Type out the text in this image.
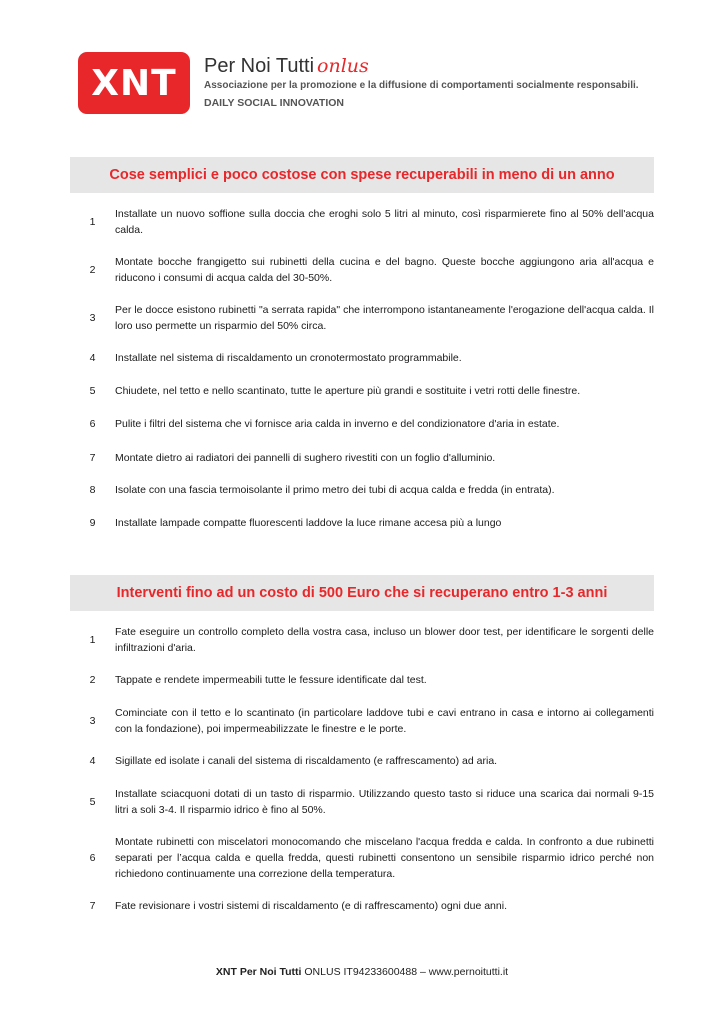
XNT	Per Noi Tutti onlus
Associazione per la promozione e la diffusione di comportamenti socialmente responsabili.
DAILY SOCIAL INNOVATION
Cose semplici e poco costose con spese recuperabili in meno di un anno
1
Installate un nuovo soffione sulla doccia che eroghi solo 5 litri al minuto, così risparmierete fino al 50% dell'acqua calda.
2
Montate bocche frangigetto sui rubinetti della cucina e del bagno. Queste bocche aggiungono aria all'acqua e riducono i consumi di acqua calda del 30-50%.
3
Per le docce esistono rubinetti "a serrata rapida" che interrompono istantaneamente l'erogazione dell'acqua calda. Il loro uso permette un risparmio del 50% circa.
4	Installate nel sistema di riscaldamento un cronotermostato programmabile.
5	Chiudete, nel tetto e nello scantinato, tutte le aperture più grandi e sostituite i vetri rotti delle finestre.
6	Pulite i filtri del sistema che vi fornisce aria calda in inverno e del condizionatore d'aria in estate.
7	Montate dietro ai radiatori dei pannelli di sughero rivestiti con un foglio d'alluminio.
8	Isolate con una fascia termoisolante il primo metro dei tubi di acqua calda e fredda (in entrata).
9	Installate lampade compatte fluorescenti laddove la luce rimane accesa più a lungo
Interventi fino ad un costo di 500 Euro che si recuperano entro 1-3 anni
1
Fate eseguire un controllo completo della vostra casa, incluso un blower door test, per identificare le sorgenti delle infiltrazioni d'aria.
2	Tappate e rendete impermeabili tutte le fessure identificate dal test.
3
Cominciate con il tetto e lo scantinato (in particolare laddove tubi e cavi entrano in casa e intorno ai collegamenti con la fondazione), poi impermeabilizzate le finestre e le porte.
4	Sigillate ed isolate i canali del sistema di riscaldamento (e raffrescamento) ad aria.
5
Installate sciacquoni dotati di un tasto di risparmio. Utilizzando questo tasto si riduce una scarica dai normali 9-15 litri a soli 3-4. Il risparmio idrico è fino al 50%.
6
Montate rubinetti con miscelatori monocomando che miscelano l'acqua fredda e calda. In confronto a due rubinetti separati per l’acqua calda e quella fredda, questi rubinetti consentono un sensibile risparmio idrico perché non richiedono continuamente una correzione della temperatura.
7	Fate revisionare i vostri sistemi di riscaldamento (e di raffrescamento) ogni due anni.
XNT Per Noi Tutti ONLUS IT94233600488 – www.pernoitutti.it
